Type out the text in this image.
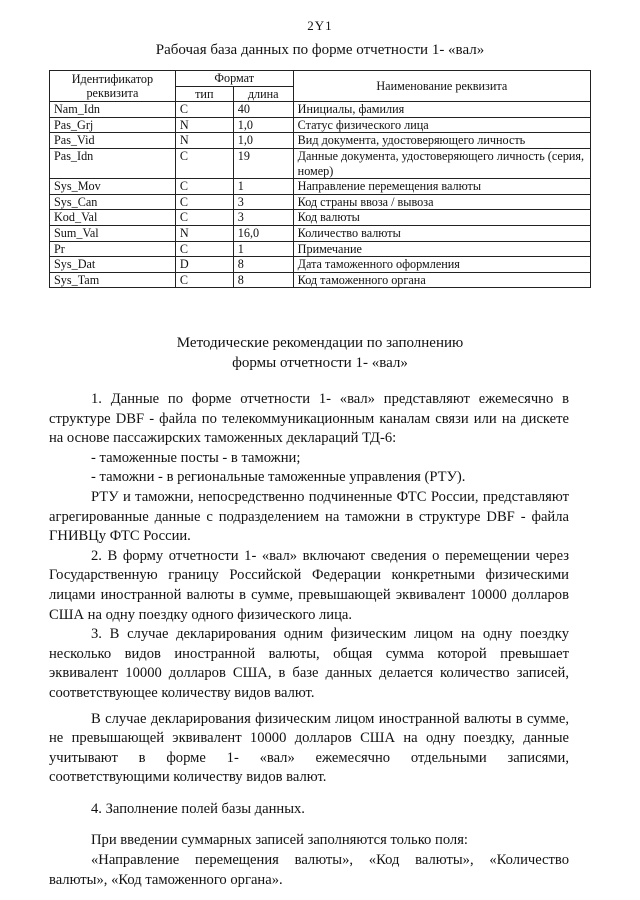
2Y1
Рабочая база данных по форме отчетности 1- «вал»
Идентификатор реквизита	Формат		Наименование реквизита
	тип	длина	
Nam_Idn	C	40	Инициалы, фамилия
Pas_Grj	N	1,0	Статус физического лица
Pas_Vid	N	1,0	Вид документа, удостоверяющего личность
Pas_Idn	C	19	Данные документа, удостоверяющего личность (серия, номер)
Sys_Mov	C	1	Направление перемещения валюты
Sys_Can	C	3	Код страны ввоза / вывоза
Kod_Val	C	3	Код валюты
Sum_Val	N	16,0	Количество валюты
Pr	C	1	Примечание
Sys_Dat	D	8	Дата таможенного оформления
Sys_Tam	C	8	Код таможенного органа
Методические рекомендации по заполнению
формы отчетности 1- «вал»

1. Данные по форме отчетности 1- «вал» представляют ежемесячно в структуре DBF - файла по телекоммуникационным каналам связи или на дискете на основе пассажирских таможенных деклараций ТД-6:

- таможенные посты - в таможни;

- таможни - в региональные таможенные управления (РТУ).

РТУ и таможни, непосредственно подчиненные ФТС России, представляют агрегированные данные с подразделением на таможни в структуре DBF - файла ГНИВЦу ФТС России.

2. В форму отчетности 1- «вал» включают сведения о перемещении через Государственную границу Российской Федерации конкретными физическими лицами иностранной валюты в сумме, превышающей эквивалент 10000 долларов США на одну поездку одного физического лица.

3. В случае декларирования одним физическим лицом на одну поездку несколько видов иностранной валюты, общая сумма которой превышает эквивалент 10000 долларов США, в базе данных делается количество записей, соответствующее количеству видов валют.

В случае декларирования физическим лицом иностранной валюты в сумме, не превышающей эквивалент 10000 долларов США на одну поездку, данные учитывают в форме 1- «вал» ежемесячно отдельными записями, соответствующими количеству видов валют.

4. Заполнение полей базы данных.

При введении суммарных записей заполняются только поля:

«Направление перемещения валюты», «Код валюты», «Количество валюты», «Код таможенного органа».
